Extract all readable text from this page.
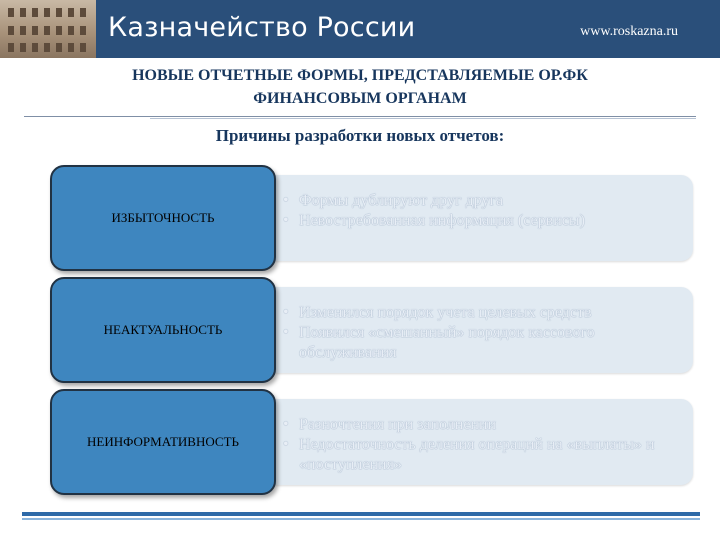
Казначейство России	www.roskazna.ru
НОВЫЕ ОТЧЕТНЫЕ ФОРМЫ, ПРЕДСТАВЛЯЕМЫЕ ОР.ФК
ФИНАНСОВЫМ ОРГАНАМ
Причины разработки новых отчетов:
• Формы дублируют друг друга
• Невостребованная информация (сервисы)
ИЗБЫТОЧНОСТЬ
• Изменился порядок учета целевых средств
• Появился «смешанный» порядок кассового обслуживания
НЕАКТУАЛЬНОСТЬ
• Разночтения при заполнении
• Недостаточность деления операций на «выплаты» и «поступления»
НЕИНФОРМАТИВНОСТЬ
